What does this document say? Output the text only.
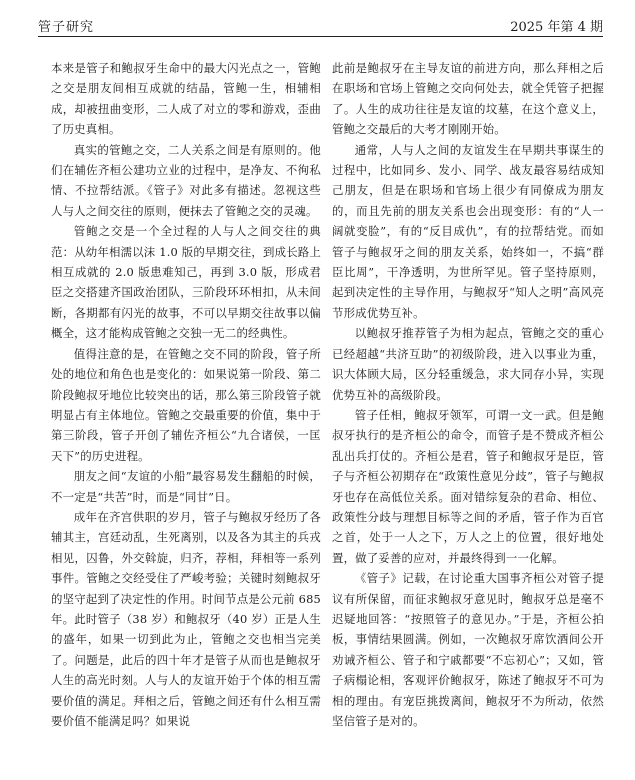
管子研究	2025 年第 4 期

本来是管子和鲍叔牙生命中的最大闪光点之一，管鲍之交是朋友间相互成就的结晶，管鲍一生，相辅相成，却被扭曲变形，二人成了对立的零和游戏，歪曲了历史真相。

真实的管鲍之交，二人关系之间是有原则的。他们在辅佐齐桓公建功立业的过程中，是净友、不徇私情、不拉帮结派。《管子》对此多有描述。忽视这些人与人之间交往的原则，便抹去了管鲍之交的灵魂。

管鲍之交是一个全过程的人与人之间交往的典范：从幼年相濡以沫 1.0 版的早期交往，到成长路上相互成就的 2.0 版患难知己，再到 3.0 版，形成君臣之交搭建齐国政治团队，三阶段环环相扣，从未间断，各期都有闪光的故事，不可以早期交往故事以偏概全，这才能构成管鲍之交独一无二的经典性。

值得注意的是，在管鲍之交不同的阶段，管子所处的地位和角色也是变化的：如果说第一阶段、第二阶段鲍叔牙地位比较突出的话，那么第三阶段管子就明显占有主体地位。管鲍之交最重要的价值，集中于第三阶段，管子开创了辅佐齐桓公“九合诸侯，一匡天下”的历史进程。

朋友之间“友谊的小船”最容易发生翻船的时候，不一定是“共苦”时，而是“同甘”日。

成年在齐宫供职的岁月，管子与鲍叔牙经历了各辅其主，宫廷动乱，生死离别，以及各为其主的兵戎相见，囚鲁，外交斡旋，归齐，荐相，拜相等一系列事件。管鲍之交经受住了严峻考验；关键时刻鲍叔牙的坚守起到了决定性的作用。时间节点是公元前 685 年。此时管子（38 岁）和鲍叔牙（40 岁）正是人生的盛年，如果一切到此为止，管鲍之交也相当完美了。问题是，此后的四十年才是管子从而也是鲍叔牙人生的高光时刻。人与人的友谊开始于个体的相互需要价值的满足。拜相之后，管鲍之间还有什么相互需要价值不能满足吗？如果说

此前是鲍叔牙在主导友谊的前进方向，那么拜相之后在职场和官场上管鲍之交向何处去，就全凭管子把握了。人生的成功往往是友谊的坟墓，在这个意义上，管鲍之交最后的大考才刚刚开始。

通常，人与人之间的友谊发生在早期共事谋生的过程中，比如同乡、发小、同学、战友最容易结成知己朋友，但是在职场和官场上很少有同僚成为朋友的，而且先前的朋友关系也会出现变形：有的“人一阔就变脸”，有的“反目成仇”，有的拉帮结党。而如管子与鲍叔牙之间的朋友关系，始终如一，不搞“群臣比周”，干净透明，为世所罕见。管子坚持原则，起到决定性的主导作用，与鲍叔牙“知人之明”高风亮节形成优势互补。

以鲍叔牙推荐管子为相为起点，管鲍之交的重心已经超越“共济互助”的初级阶段，进入以事业为重，识大体顾大局，区分轻重缓急，求大同存小异，实现优势互补的高级阶段。

管子任相，鲍叔牙领军，可谓一文一武。但是鲍叔牙执行的是齐桓公的命令，而管子是不赞成齐桓公乱出兵打仗的。齐桓公是君，管子和鲍叔牙是臣，管子与齐桓公初期存在“政策性意见分歧”，管子与鲍叔牙也存在高低位关系。面对错综复杂的君命、相位、政策性分歧与理想目标等之间的矛盾，管子作为百官之首，处于一人之下，万人之上的位置，很好地处置，做了妥善的应对，并最终得到一一化解。

《管子》记载，在讨论重大国事齐桓公对管子提议有所保留，而征求鲍叔牙意见时，鲍叔牙总是毫不迟疑地回答：“按照管子的意见办。”于是，齐桓公拍板，事情结果圆满。例如，一次鲍叔牙席饮酒间公开劝诫齐桓公、管子和宁戚都要“不忘初心”；又如，管子病榻论相，客观评价鲍叔牙，陈述了鲍叔牙不可为相的理由。有宠臣挑拨离间，鲍叔牙不为所动，依然坚信管子是对的。
